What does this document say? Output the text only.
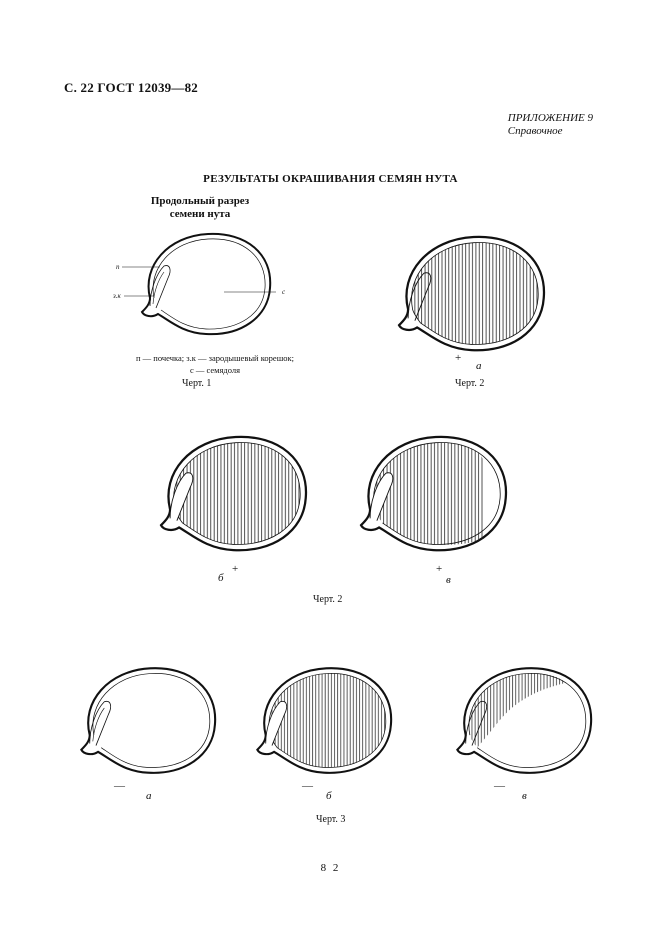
С. 22 ГОСТ 12039—82
ПРИЛОЖЕНИЕ 9
Справочное
РЕЗУЛЬТАТЫ ОКРАШИВАНИЯ СЕМЯН НУТА
Продольный разрез
семени нута
п
з.к	с
п — почечка; з.к — зародышевый корешок;
с — семядоля
Черт. 1
+
а
Черт. 2
б
+	+
в
Черт. 2
—
а
—
б
—
в
Черт. 3
8 2
